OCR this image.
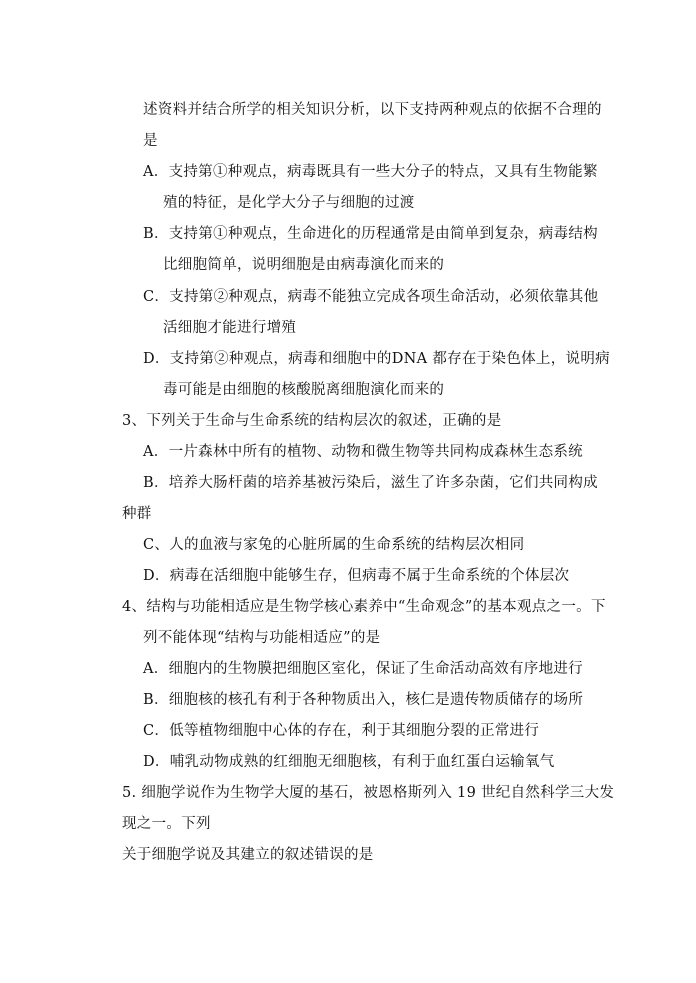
述资料并结合所学的相关知识分析，以下支持两种观点的依据不合理的
是
A．支持第①种观点，病毒既具有一些大分子的特点，又具有生物能繁
殖的特征，是化学大分子与细胞的过渡
B．支持第①种观点，生命进化的历程通常是由简单到复杂，病毒结构
比细胞简单，说明细胞是由病毒演化而来的
C．支持第②种观点，病毒不能独立完成各项生命活动，必须依靠其他
活细胞才能进行增殖
D．支持第②种观点，病毒和细胞中的DNA 都存在于染色体上，说明病
毒可能是由细胞的核酸脱离细胞演化而来的
3、下列关于生命与生命系统的结构层次的叙述，正确的是
A．一片森林中所有的植物、动物和微生物等共同构成森林生态系统
B．培养大肠杆菌的培养基被污染后，滋生了许多杂菌，它们共同构成
种群
C、人的血液与家兔的心脏所属的生命系统的结构层次相同
D．病毒在活细胞中能够生存，但病毒不属于生命系统的个体层次
4、结构与功能相适应是生物学核心素养中“生命观念”的基本观点之一。下
列不能体现“结构与功能相适应”的是
A．细胞内的生物膜把细胞区室化，保证了生命活动高效有序地进行
B．细胞核的核孔有利于各种物质出入，核仁是遗传物质储存的场所
C．低等植物细胞中心体的存在，利于其细胞分裂的正常进行
D．哺乳动物成熟的红细胞无细胞核，有利于血红蛋白运输氧气
5. 细胞学说作为生物学大厦的基石，被恩格斯列入 19 世纪自然科学三大发
现之一。下列
关于细胞学说及其建立的叙述错误的是
